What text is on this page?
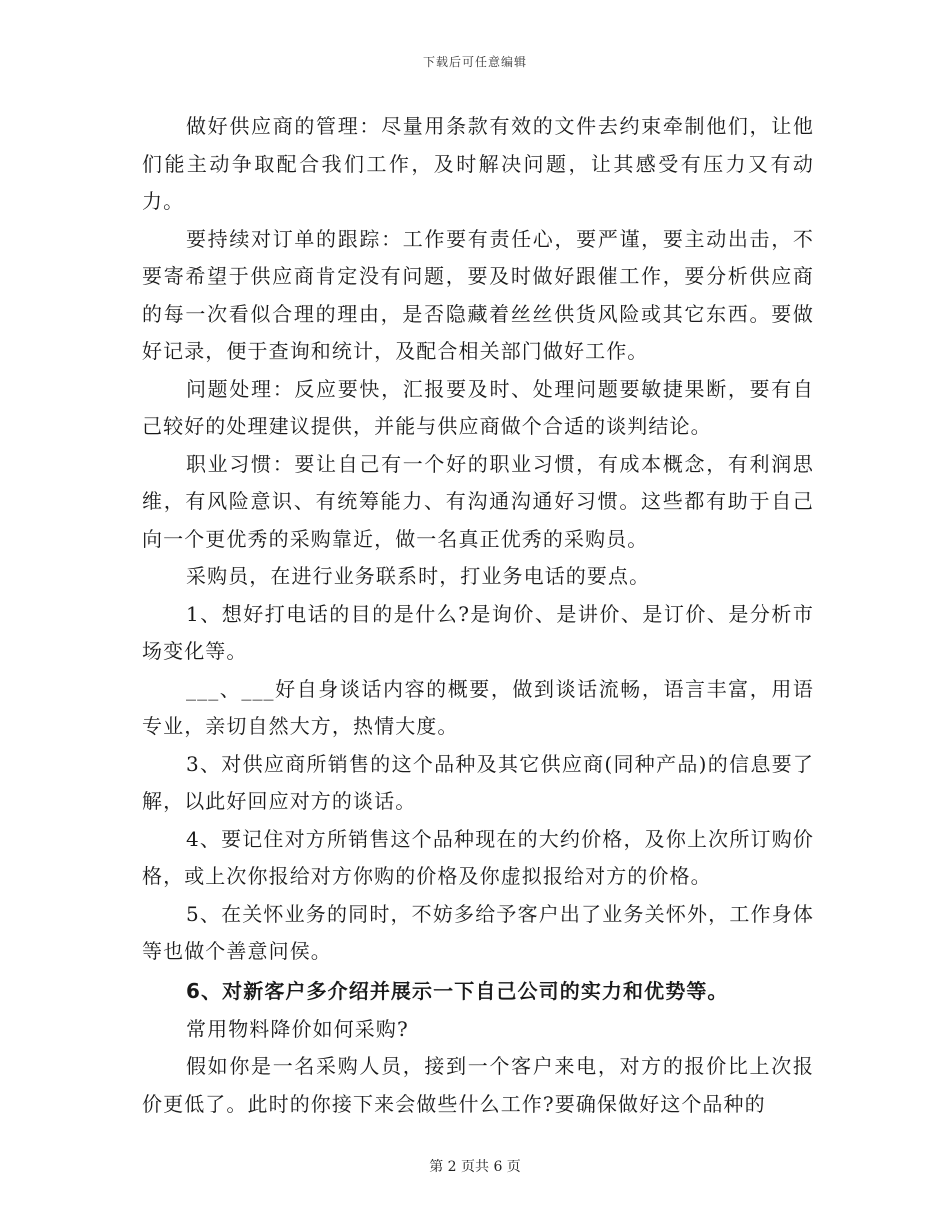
下载后可任意编辑

做好供应商的管理：尽量用条款有效的文件去约束牵制他们，让他们能主动争取配合我们工作，及时解决问题，让其感受有压力又有动力。

要持续对订单的跟踪：工作要有责任心，要严谨，要主动出击，不要寄希望于供应商肯定没有问题，要及时做好跟催工作，要分析供应商的每一次看似合理的理由，是否隐藏着丝丝供货风险或其它东西。要做好记录，便于查询和统计，及配合相关部门做好工作。

问题处理：反应要快，汇报要及时、处理问题要敏捷果断，要有自己较好的处理建议提供，并能与供应商做个合适的谈判结论。

职业习惯：要让自己有一个好的职业习惯，有成本概念，有利润思维，有风险意识、有统筹能力、有沟通沟通好习惯。这些都有助于自己向一个更优秀的采购靠近，做一名真正优秀的采购员。

采购员，在进行业务联系时，打业务电话的要点。

1、想好打电话的目的是什么?是询价、是讲价、是订价、是分析市场变化等。

___、___好自身谈话内容的概要，做到谈话流畅，语言丰富，用语专业，亲切自然大方，热情大度。

3、对供应商所销售的这个品种及其它供应商(同种产品)的信息要了解，以此好回应对方的谈话。

4、要记住对方所销售这个品种现在的大约价格，及你上次所订购价格，或上次你报给对方你购的价格及你虚拟报给对方的价格。

5、在关怀业务的同时，不妨多给予客户出了业务关怀外，工作身体等也做个善意问侯。

6、对新客户多介绍并展示一下自己公司的实力和优势等。

常用物料降价如何采购?

假如你是一名采购人员，接到一个客户来电，对方的报价比上次报价更低了。此时的你接下来会做些什么工作?要确保做好这个品种的

第 2 页共 6 页
